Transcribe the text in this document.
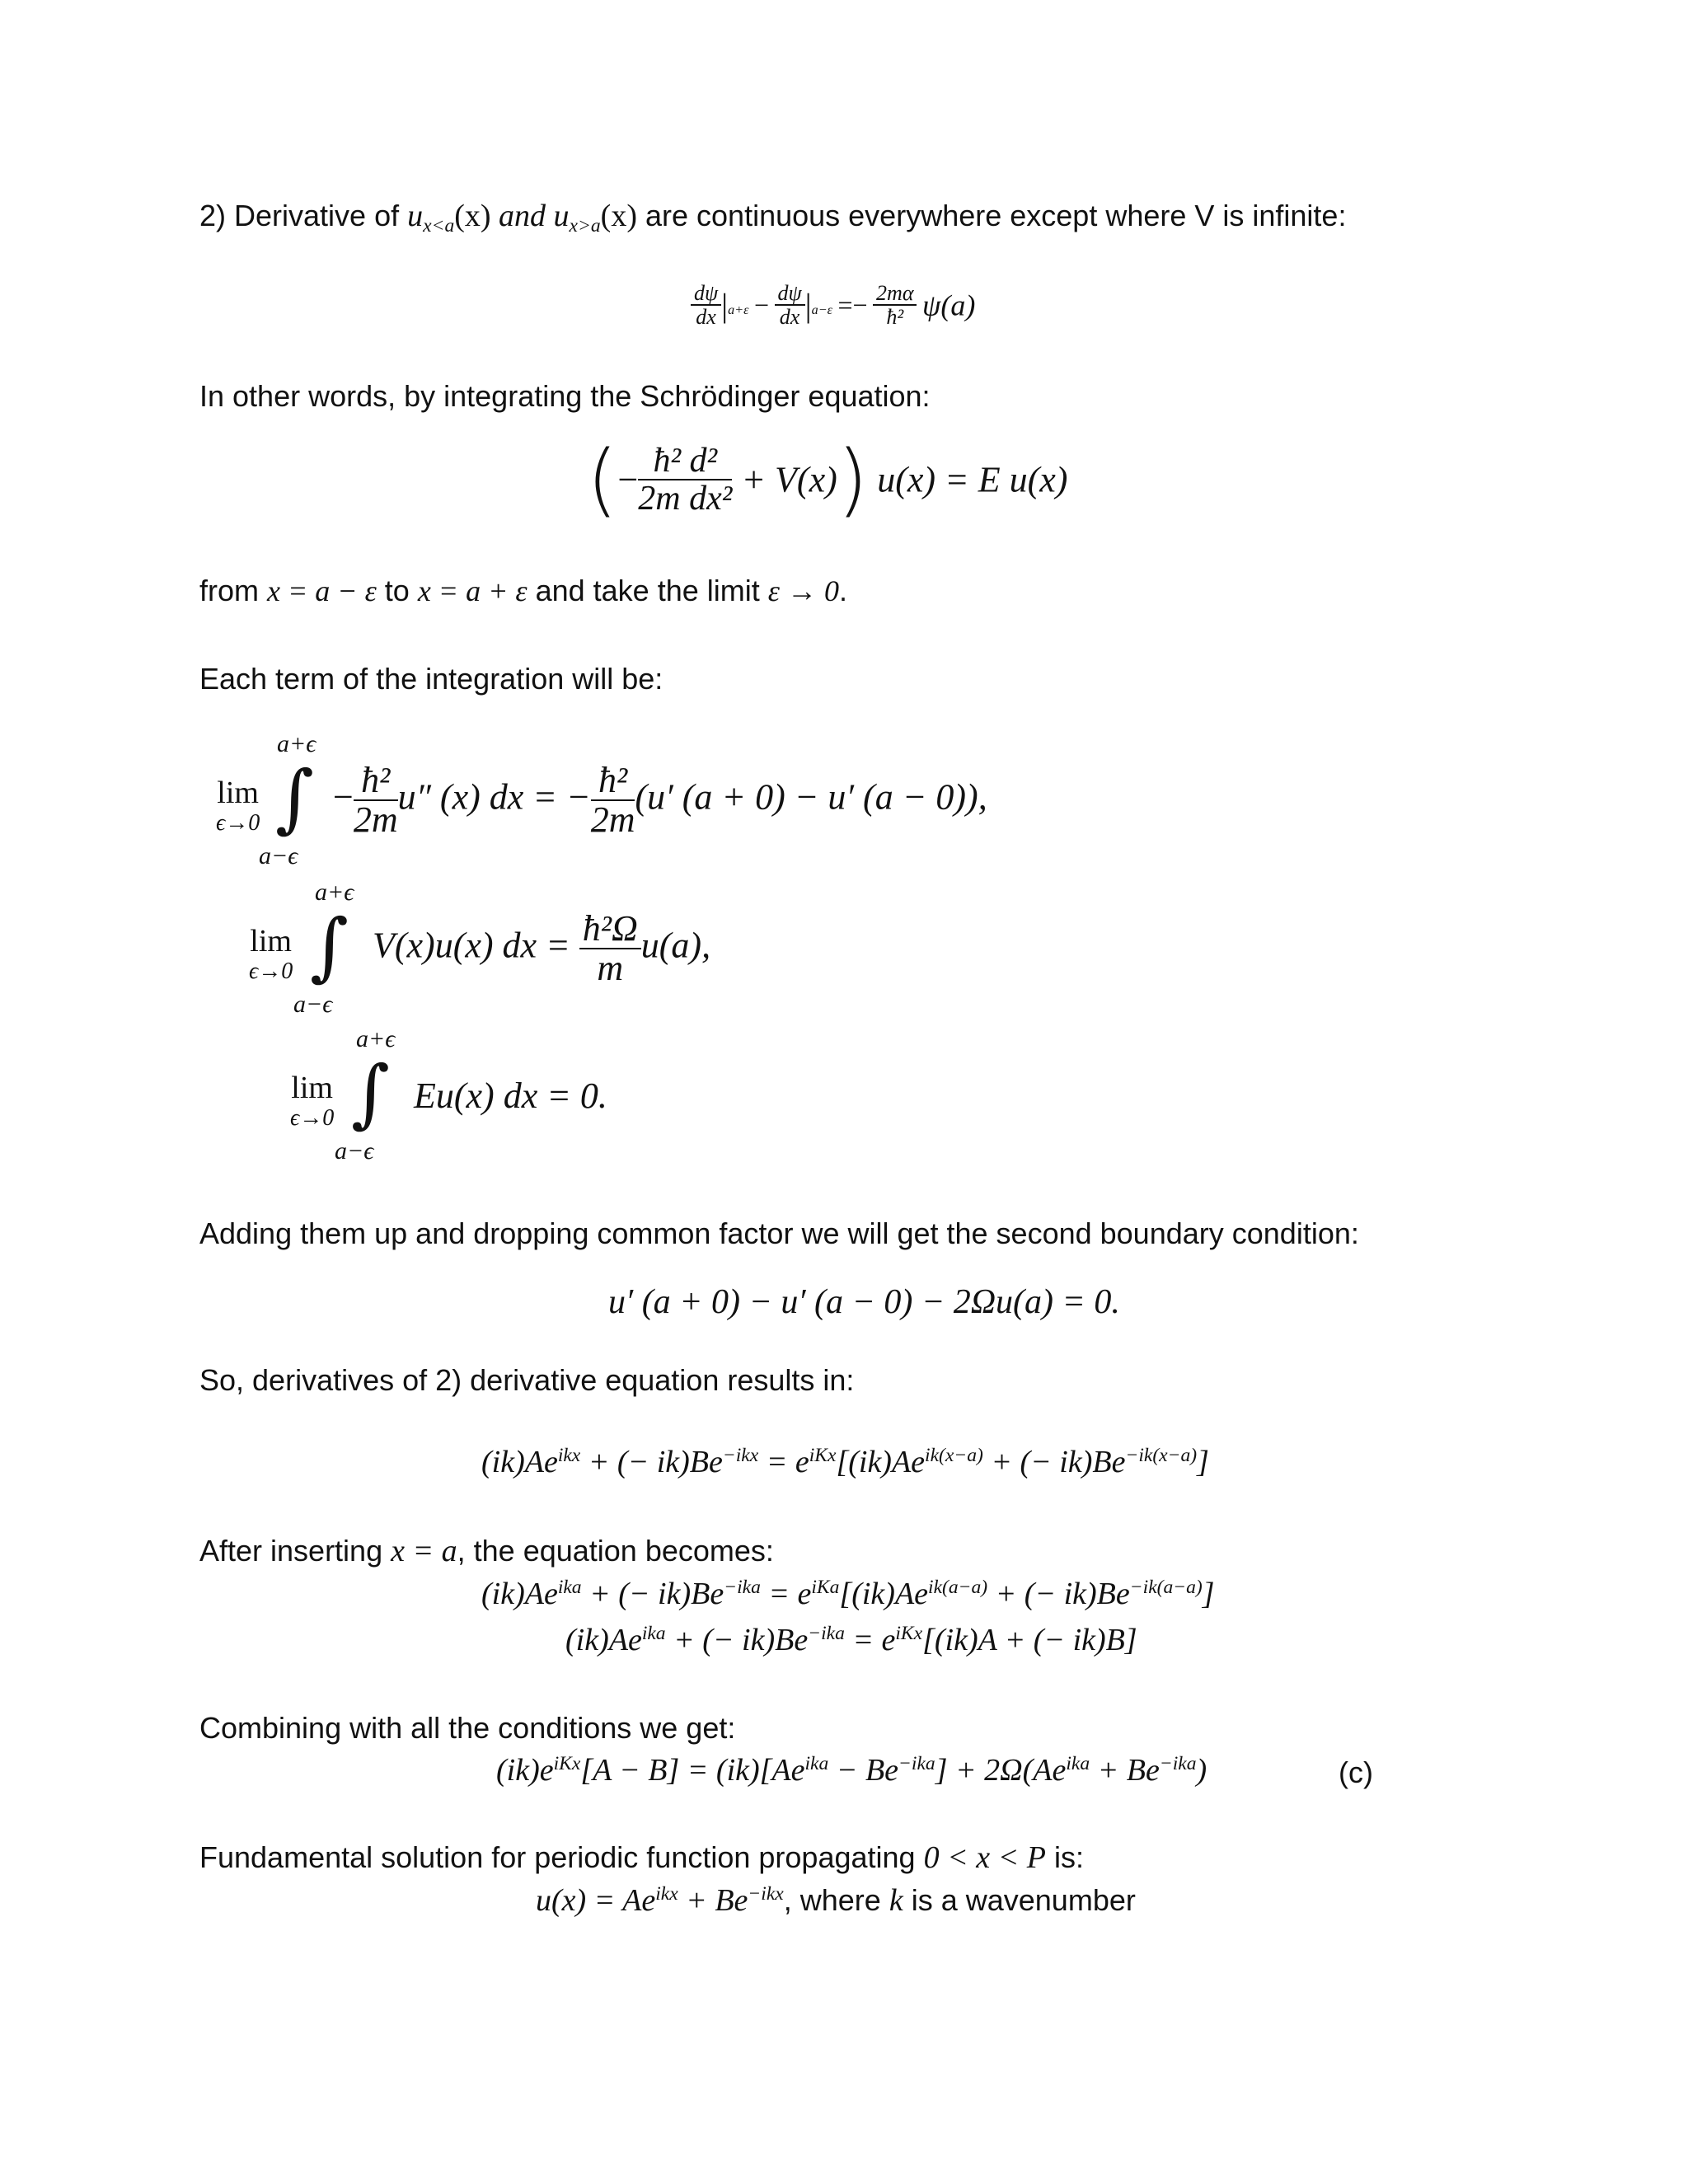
2) Derivative of $u_{x<a}(x)$ and $u_{x>a}(x)$ are continuous everywhere except where V is infinite:
$\frac{d\psi}{dx} |_{a+\varepsilon} - \frac{d\psi}{dx} |_{a-\varepsilon} =- \frac{2m\alpha}{\text{ħ²}} \psi(a)$
In other words, by integrating the Schrödinger equation:
(− $\frac{\text{ħ² d²}}{\text{2m dx²}} + V(x)$) u(x) = E u(x)
from x = a − ε to x = a + ε and take the limit ε → 0.
Each term of the integration will be:
a+ϵ
lim
ϵ→0 ∫
a−ϵ
− $\frac{\text{ħ²}}{2m} u''$ (x) dx = − $\frac{\text{ħ²}}{2m} (u'$ (a + 0) − u′ (a − 0)),
a+ϵ
lim
ϵ→0 ∫
a−ϵ
V(x)u(x) dx = $\frac{\text{ħ²Ω}}{m} u(a)$,
a+ϵ
lim
ϵ→0 ∫
a−ϵ
Eu(x) dx = 0.
Adding them up and dropping common factor we will get the second boundary condition:
u′ (a + 0) − u′ (a − 0) − 2Ωu(a) = 0.
So, derivatives of 2) derivative equation results in:
$(ik)Ae^{ikx}$ + (− $ik)Be^{-ikx} = e^{iKx}[(ik)Ae^{ik(x-a)}$ + (− $ik)Be^{-ik(x-a)}$]
After inserting x = a, the equation becomes:
$(ik)Ae^{ika}$ + (− $ik)Be^{-ika} = e^{iKa}[(ik)Ae^{ik(a-a)}$ + (− $ik)Be^{-ik(a-a)}$]
$(ik)Ae^{ika}$ + (− $ik)Be^{-ika} = e^{iKx}[(ik)A$ + (− ik)B]
Combining with all the conditions we get:
$(ik)e^{iKx}[A - B] = (ik)[Ae^{ika} - Be^{-ika}] + 2\Omega(Ae^{ika} + Be^{-ika})$	(c)
Fundamental solution for periodic function propagating 0 < x < P is:
$u(x) = Ae^{ikx} + Be^{-ikx}$, where k is a wavenumber
